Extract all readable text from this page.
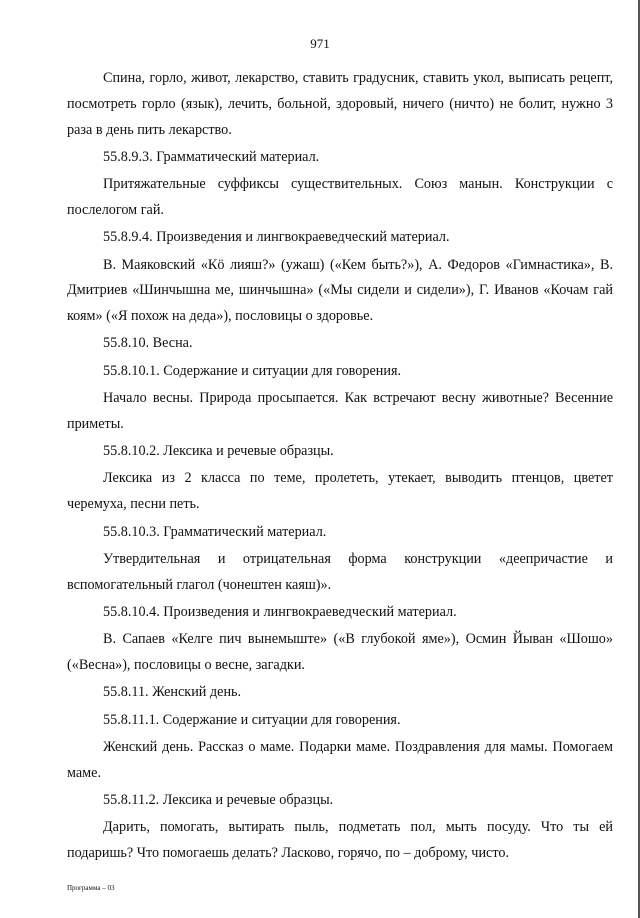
971

Спина, горло, живот, лекарство, ставить градусник, ставить укол, выписать рецепт, посмотреть горло (язык), лечить, больной, здоровый, ничего (ничто) не болит, нужно 3 раза в день пить лекарство.

55.8.9.3. Грамматический материал.

Притяжательные суффиксы существительных. Союз манын. Конструкции с послелогом гай.

55.8.9.4. Произведения и лингвокраеведческий материал.

В. Маяковский «Кӧ лияш?» (ужаш) («Кем быть?»), А. Федоров «Гимнастика», В. Дмитриев «Шинчышна ме, шинчышна» («Мы сидели и сидели»), Г. Иванов «Кочам гай коям» («Я похож на деда»), пословицы о здоровье.

55.8.10. Весна.

55.8.10.1. Содержание и ситуации для говорения.

Начало весны. Природа просыпается. Как встречают весну животные? Весенние приметы.

55.8.10.2. Лексика и речевые образцы.

Лексика из 2 класса по теме, пролететь, утекает, выводить птенцов, цветет черемуха, песни петь.

55.8.10.3. Грамматический материал.

Утвердительная и отрицательная форма конструкции «деепричастие и вспомогательный глагол (чонештен каяш)».

55.8.10.4. Произведения и лингвокраеведческий материал.

В. Сапаев «Келге пич вынемыште» («В глубокой яме»), Осмин Йыван «Шошо» («Весна»), пословицы о весне, загадки.

55.8.11. Женский день.

55.8.11.1. Содержание и ситуации для говорения.

Женский день. Рассказ о маме. Подарки маме. Поздравления для мамы. Помогаем маме.

55.8.11.2. Лексика и речевые образцы.

Дарить, помогать, вытирать пыль, подметать пол, мыть посуду. Что ты ей подаришь? Что помогаешь делать? Ласково, горячо, по – доброму, чисто.

Программа – 03
